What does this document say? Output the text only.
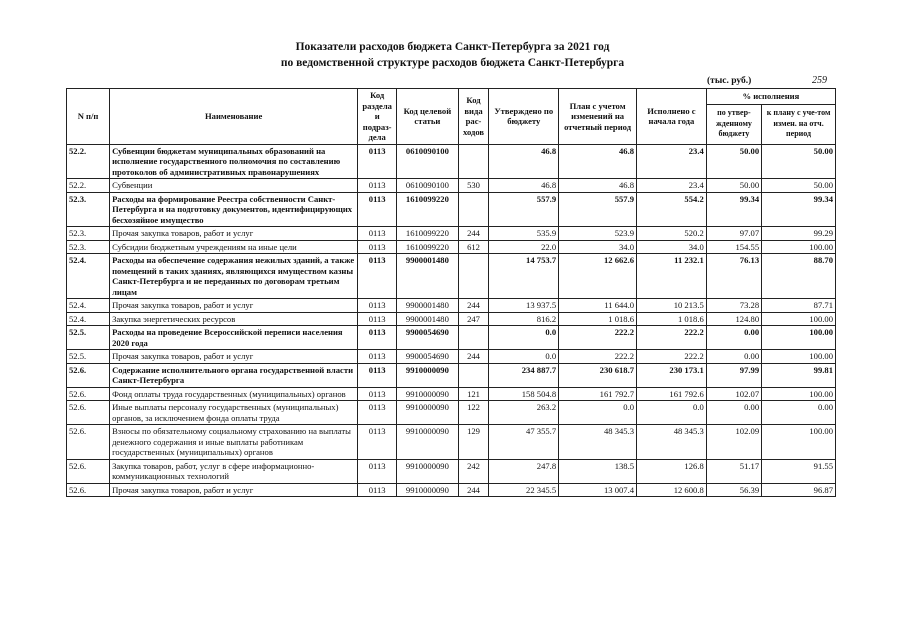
Показатели расходов бюджета Санкт-Петербурга за 2021 год
по ведомственной структуре расходов бюджета Санкт-Петербурга
(тыс. руб.)	259
N п/п	Наименование	Код раздела и подраз-дела	Код целевой статьи	Код вида рас-ходов	Утверждено по бюджету	План с учетом изменений на отчетный период	Исполнено с начала года	% исполнения	
								по утвер-жденному бюджету	к плану с уче-том измен. на отч. период
52.2.	Субвенции бюджетам муниципальных образований на исполнение государственного полномочия по составлению протоколов об административных правонарушениях	0113	0610090100		46.8	46.8	23.4	50.00	50.00
52.2.	Субвенции	0113	0610090100	530	46.8	46.8	23.4	50.00	50.00
52.3.	Расходы на формирование Реестра собственности Санкт-Петербурга и на подготовку документов, идентифицирующих бесхозяйное имущество	0113	1610099220		557.9	557.9	554.2	99.34	99.34
52.3.	Прочая закупка товаров, работ и услуг	0113	1610099220	244	535.9	523.9	520.2	97.07	99.29
52.3.	Субсидии бюджетным учреждениям на иные цели	0113	1610099220	612	22.0	34.0	34.0	154.55	100.00
52.4.	Расходы на обеспечение содержания нежилых зданий, а также помещений в таких зданиях, являющихся имуществом казны Санкт-Петербурга и не переданных по договорам третьим лицам	0113	9900001480		14 753.7	12 662.6	11 232.1	76.13	88.70
52.4.	Прочая закупка товаров, работ и услуг	0113	9900001480	244	13 937.5	11 644.0	10 213.5	73.28	87.71
52.4.	Закупка энергетических ресурсов	0113	9900001480	247	816.2	1 018.6	1 018.6	124.80	100.00
52.5.	Расходы на проведение Всероссийской переписи населения 2020 года	0113	9900054690		0.0	222.2	222.2	0.00	100.00
52.5.	Прочая закупка товаров, работ и услуг	0113	9900054690	244	0.0	222.2	222.2	0.00	100.00
52.6.	Содержание исполнительного органа государственной власти Санкт-Петербурга	0113	9910000090		234 887.7	230 618.7	230 173.1	97.99	99.81
52.6.	Фонд оплаты труда государственных (муниципальных) органов	0113	9910000090	121	158 504.8	161 792.7	161 792.6	102.07	100.00
52.6.	Иные выплаты персоналу государственных (муниципальных) органов, за исключением фонда оплаты труда	0113	9910000090	122	263.2	0.0	0.0	0.00	0.00
52.6.	Взносы по обязательному социальному страхованию на выплаты денежного содержания и иные выплаты работникам государственных (муниципальных) органов	0113	9910000090	129	47 355.7	48 345.3	48 345.3	102.09	100.00
52.6.	Закупка товаров, работ, услуг в сфере информационно-коммуникационных технологий	0113	9910000090	242	247.8	138.5	126.8	51.17	91.55
52.6.	Прочая закупка товаров, работ и услуг	0113	9910000090	244	22 345.5	13 007.4	12 600.8	56.39	96.87
